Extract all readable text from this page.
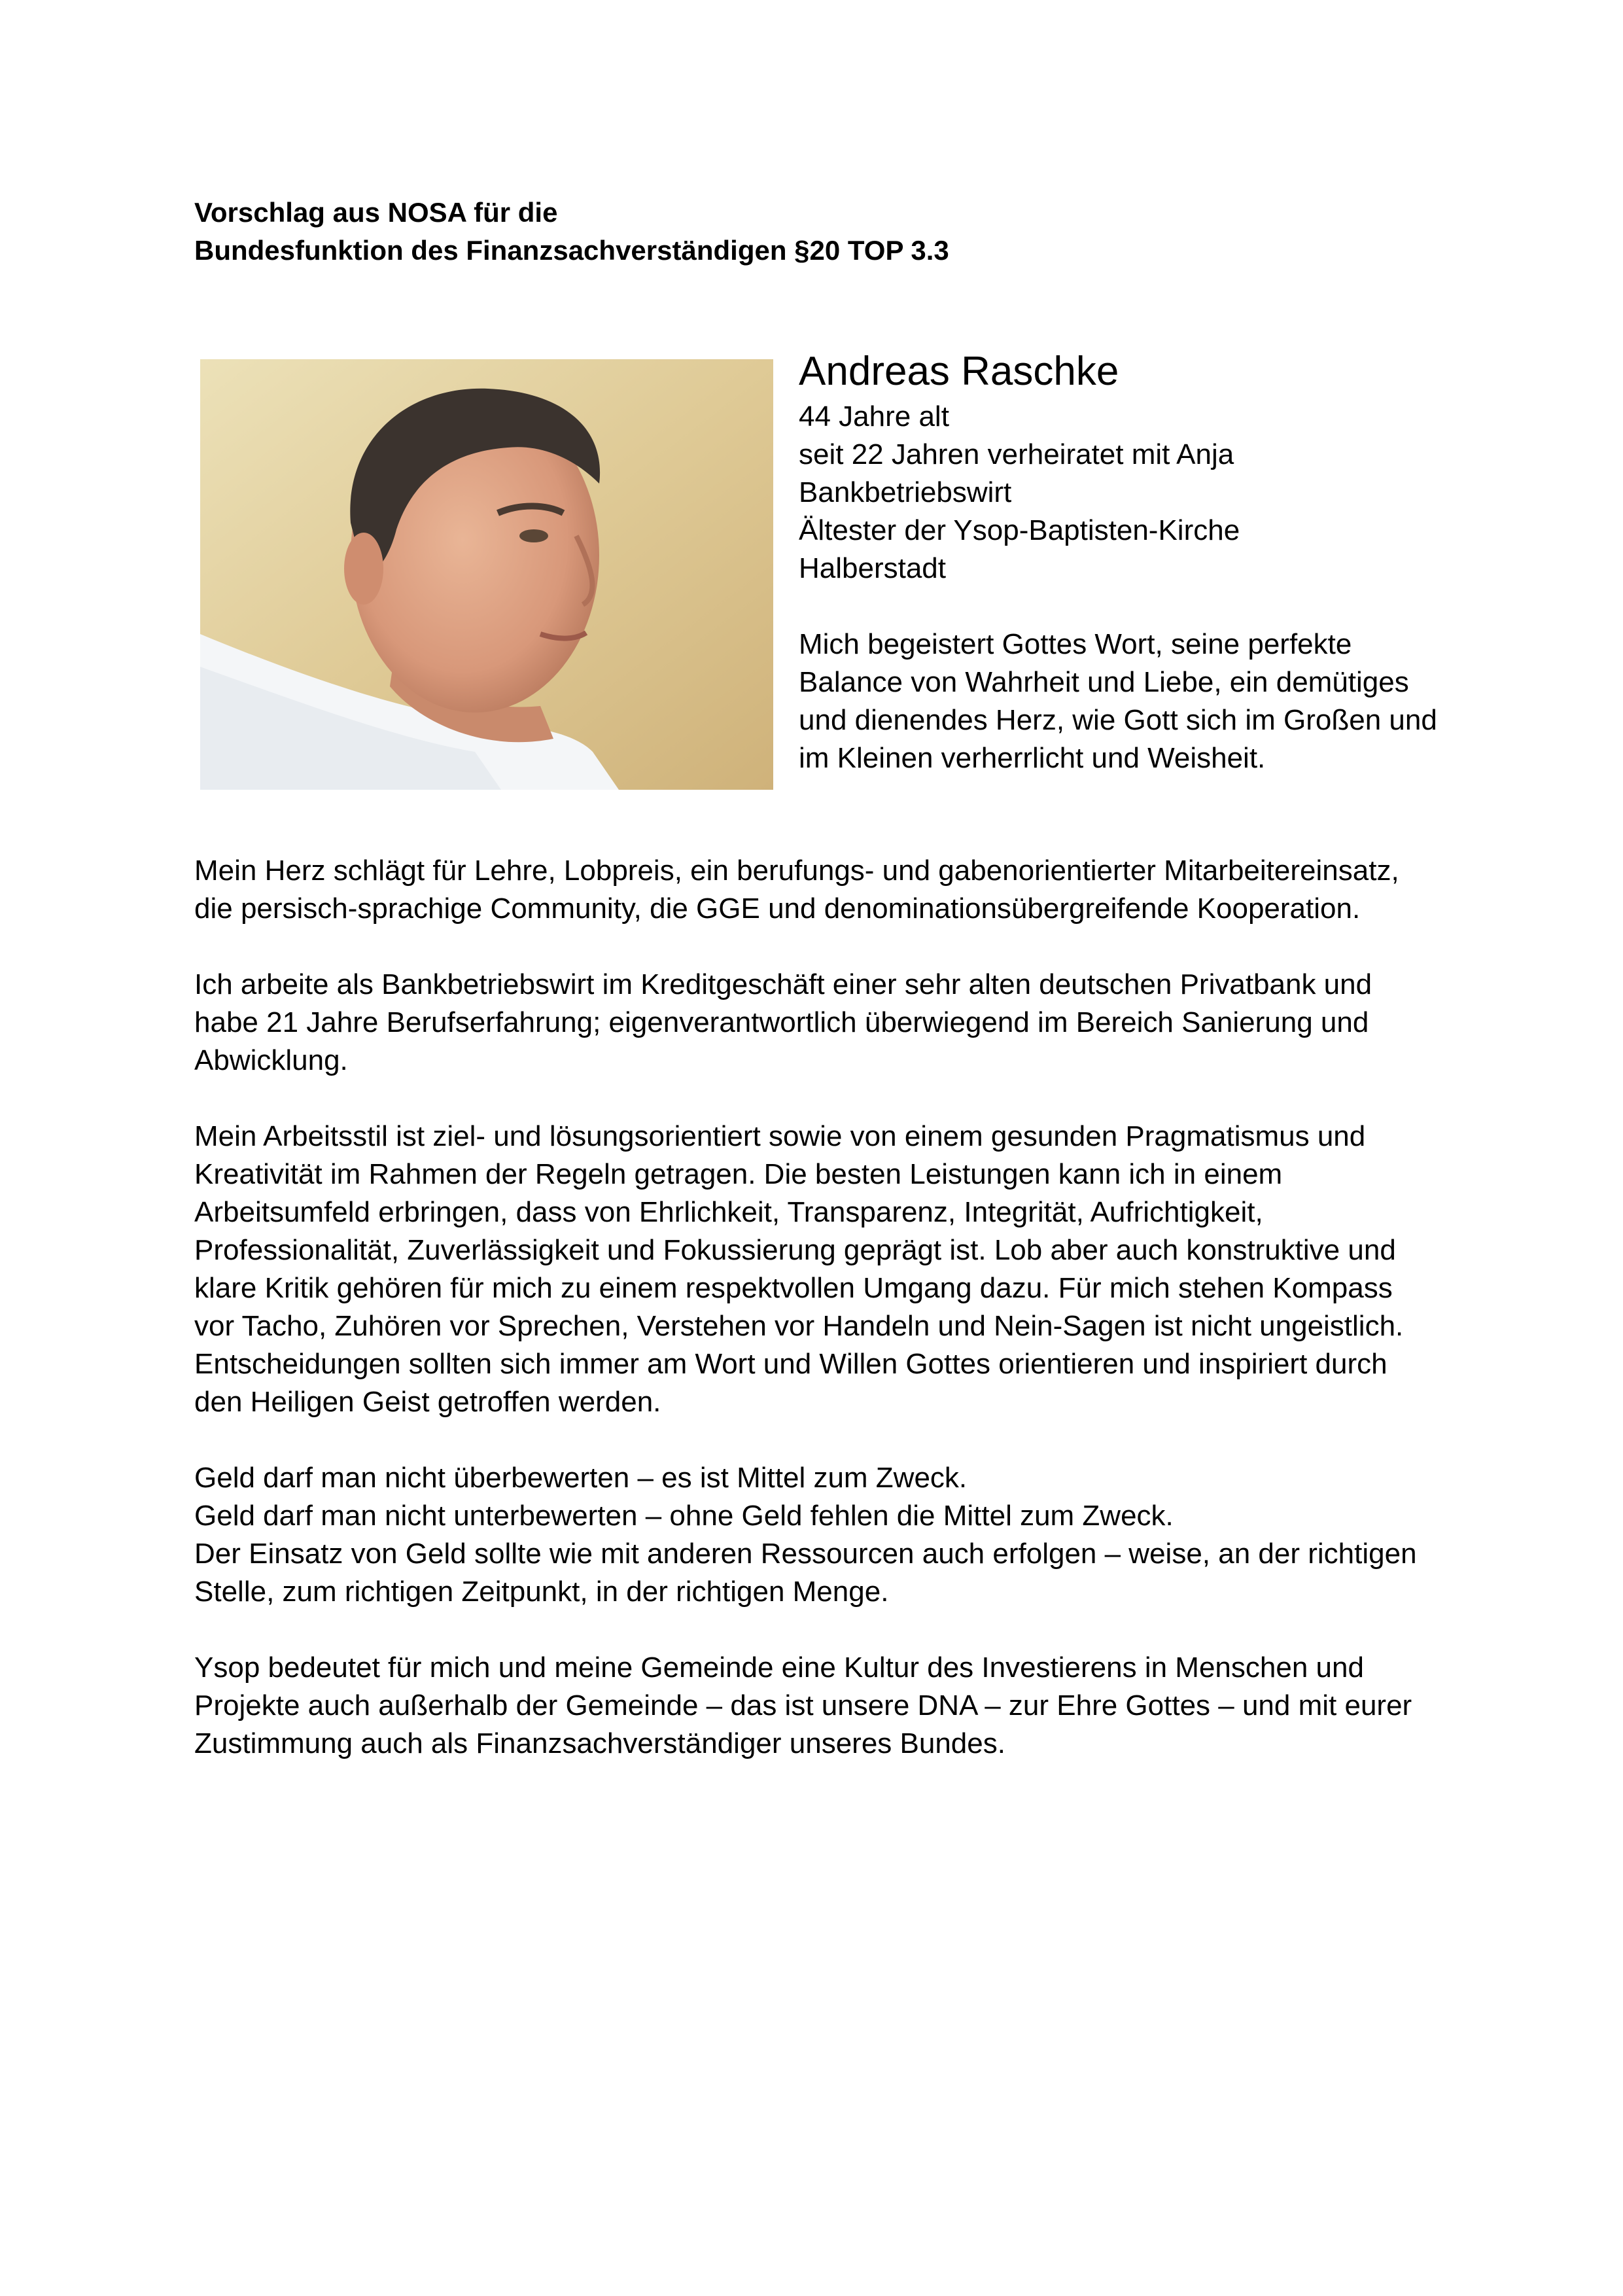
Vorschlag aus NOSA für die
Bundesfunktion des Finanzsachverständigen §20 TOP 3.3
Andreas Raschke
44 Jahre alt
seit 22 Jahren verheiratet mit Anja
Bankbetriebswirt
Ältester der Ysop-Baptisten-Kirche
Halberstadt

Mich begeistert Gottes Wort, seine perfekte Balance von Wahrheit und Liebe, ein demütiges und dienendes Herz, wie Gott sich im Großen und im Kleinen verherrlicht und Weisheit.

Mein Herz schlägt für Lehre, Lobpreis, ein berufungs- und gabenorientierter Mitarbeitereinsatz, die persisch-sprachige Community, die GGE und denominationsübergreifende Kooperation.

Ich arbeite als Bankbetriebswirt im Kreditgeschäft einer sehr alten deutschen Privatbank und habe 21 Jahre Berufserfahrung; eigenverantwortlich überwiegend im Bereich Sanierung und Abwicklung.

Mein Arbeitsstil ist ziel- und lösungsorientiert sowie von einem gesunden Pragmatismus und Kreativität im Rahmen der Regeln getragen. Die besten Leistungen kann ich in einem Arbeitsumfeld erbringen, dass von Ehrlichkeit, Transparenz, Integrität, Aufrichtigkeit, Professionalität, Zuverlässigkeit und Fokussierung geprägt ist. Lob aber auch konstruktive und klare Kritik gehören für mich zu einem respektvollen Umgang dazu. Für mich stehen Kompass vor Tacho, Zuhören vor Sprechen, Verstehen vor Handeln und Nein-Sagen ist nicht ungeistlich. Entscheidungen sollten sich immer am Wort und Willen Gottes orientieren und inspiriert durch den Heiligen Geist getroffen werden.

Geld darf man nicht überbewerten – es ist Mittel zum Zweck.
Geld darf man nicht unterbewerten – ohne Geld fehlen die Mittel zum Zweck.
Der Einsatz von Geld sollte wie mit anderen Ressourcen auch erfolgen – weise, an der richtigen Stelle, zum richtigen Zeitpunkt, in der richtigen Menge.

Ysop bedeutet für mich und meine Gemeinde eine Kultur des Investierens in Menschen und Projekte auch außerhalb der Gemeinde – das ist unsere DNA – zur Ehre Gottes – und mit eurer Zustimmung auch als Finanzsachverständiger unseres Bundes.
